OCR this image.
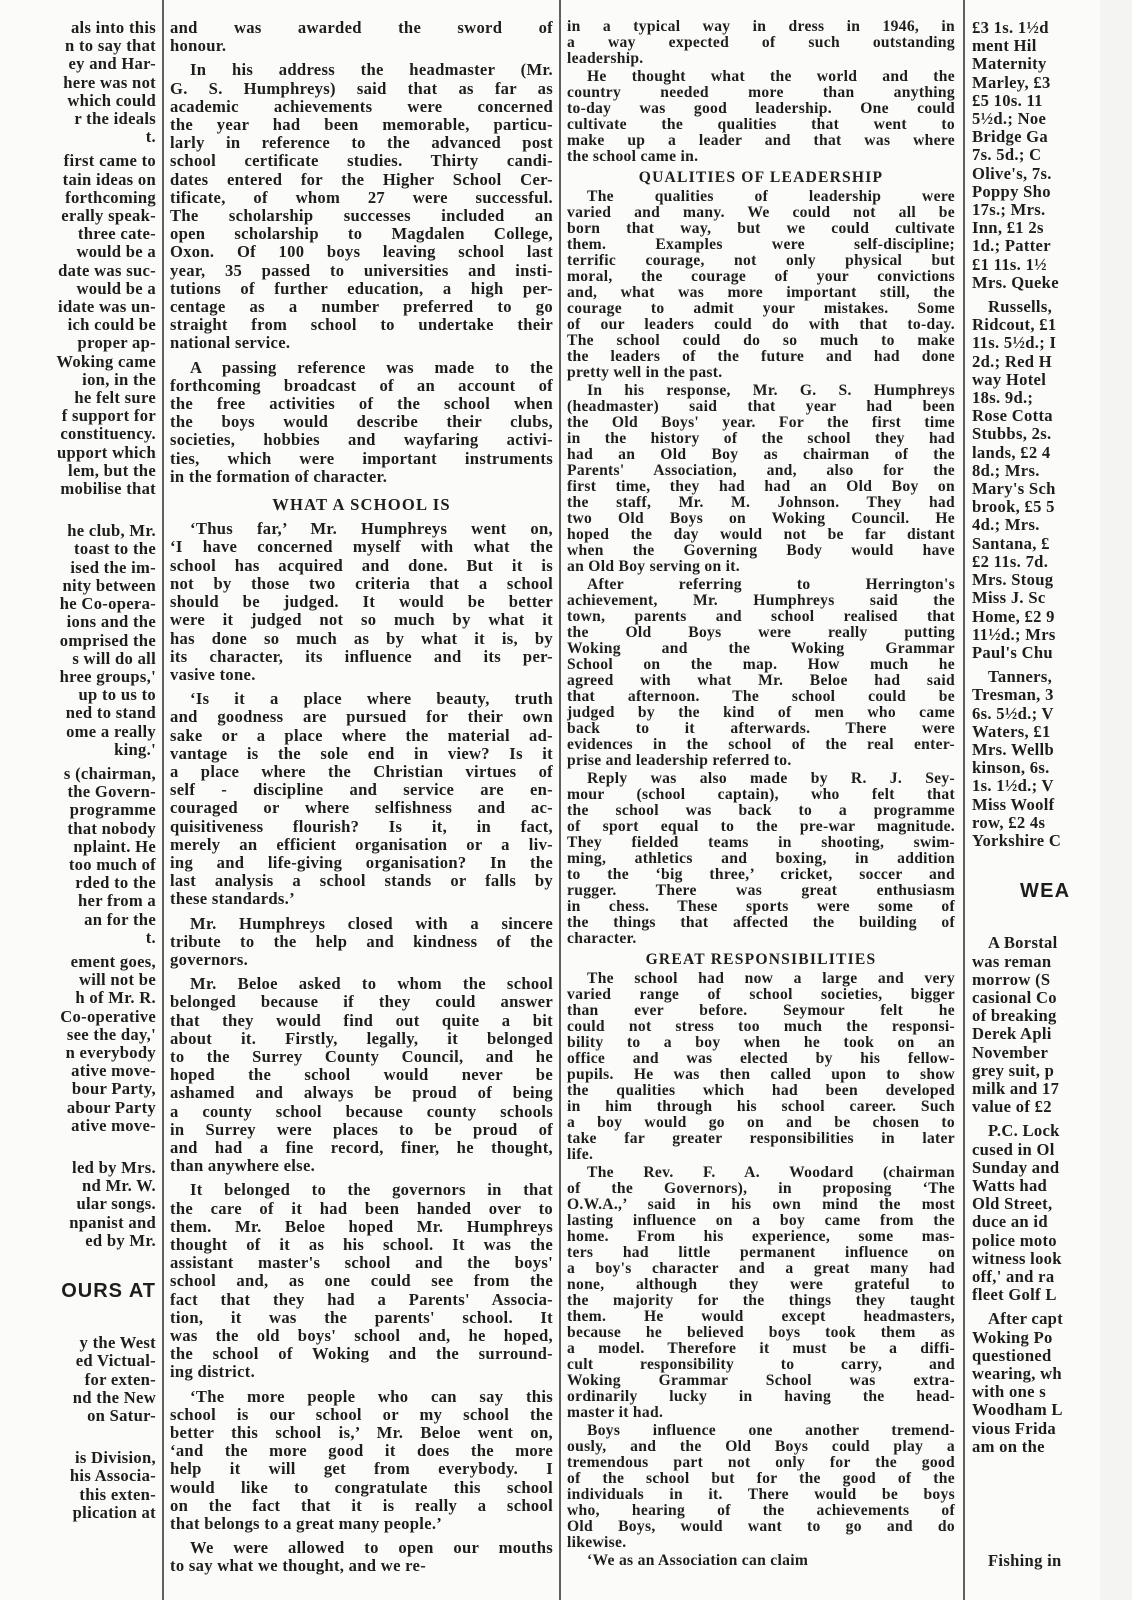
als into this
n to say that
ey and Har-
here was not
which could
r the ideals
t.
first came to
tain ideas on
forthcoming
erally speak-
three cate-
would be a
date was suc-
would be a
idate was un-
ich could be
proper ap-
Woking came
ion, in the
he felt sure
f support for
constituency.
upport which
lem, but the
mobilise that
he club, Mr.
toast to the
ised the im-
nity between
he Co-opera-
ions and the
omprised the
s will do all
hree groups,'
up to us to
ned to stand
ome a really
king.'
s (chairman,
the Govern-
programme
that nobody
nplaint. He
too much of
rded to the
her from a
an for the
t.
ement goes,
will not be
h of Mr. R.
Co-operative
see the day,'
n everybody
ative move-
bour Party,
abour Party
ative move-
led by Mrs.
nd Mr. W.
ular songs.
npanist and
ed by Mr.
OURS AT
y the West
ed Victual-
for exten-
nd the New
on Satur-
is Division,
his Associa-
this exten-
plication at
and was awarded the sword of
honour.
In his address the headmaster (Mr.
G. S. Humphreys) said that as far as
academic achievements were concerned
the year had been memorable, particu-
larly in reference to the advanced post
school certificate studies. Thirty candi-
dates entered for the Higher School Cer-
tificate, of whom 27 were successful.
The scholarship successes included an
open scholarship to Magdalen College,
Oxon. Of 100 boys leaving school last
year, 35 passed to universities and insti-
tutions of further education, a high per-
centage as a number preferred to go
straight from school to undertake their
national service.
A passing reference was made to the
forthcoming broadcast of an account of
the free activities of the school when
the boys would describe their clubs,
societies, hobbies and wayfaring activi-
ties, which were important instruments
in the formation of character.
WHAT A SCHOOL IS
‘Thus far,’ Mr. Humphreys went on,
‘I have concerned myself with what the
school has acquired and done. But it is
not by those two criteria that a school
should be judged. It would be better
were it judged not so much by what it
has done so much as by what it is, by
its character, its influence and its per-
vasive tone.
‘Is it a place where beauty, truth
and goodness are pursued for their own
sake or a place where the material ad-
vantage is the sole end in view? Is it
a place where the Christian virtues of
self - discipline and service are en-
couraged or where selfishness and ac-
quisitiveness flourish? Is it, in fact,
merely an efficient organisation or a liv-
ing and life-giving organisation? In the
last analysis a school stands or falls by
these standards.’
Mr. Humphreys closed with a sincere
tribute to the help and kindness of the
governors.
Mr. Beloe asked to whom the school
belonged because if they could answer
that they would find out quite a bit
about it. Firstly, legally, it belonged
to the Surrey County Council, and he
hoped the school would never be
ashamed and always be proud of being
a county school because county schools
in Surrey were places to be proud of
and had a fine record, finer, he thought,
than anywhere else.
It belonged to the governors in that
the care of it had been handed over to
them. Mr. Beloe hoped Mr. Humphreys
thought of it as his school. It was the
assistant master's school and the boys'
school and, as one could see from the
fact that they had a Parents' Associa-
tion, it was the parents' school. It
was the old boys' school and, he hoped,
the school of Woking and the surround-
ing district.
‘The more people who can say this
school is our school or my school the
better this school is,’ Mr. Beloe went on,
‘and the more good it does the more
help it will get from everybody. I
would like to congratulate this school
on the fact that it is really a school
that belongs to a great many people.’
We were allowed to open our mouths
to say what we thought, and we re-
in a typical way in dress in 1946, in
a way expected of such outstanding
leadership.
He thought what the world and the
country needed more than anything
to-day was good leadership. One could
cultivate the qualities that went to
make up a leader and that was where
the school came in.
QUALITIES OF LEADERSHIP
The qualities of leadership were
varied and many. We could not all be
born that way, but we could cultivate
them. Examples were self-discipline;
terrific courage, not only physical but
moral, the courage of your convictions
and, what was more important still, the
courage to admit your mistakes. Some
of our leaders could do with that to-day.
The school could do so much to make
the leaders of the future and had done
pretty well in the past.
In his response, Mr. G. S. Humphreys
(headmaster) said that year had been
the Old Boys' year. For the first time
in the history of the school they had
had an Old Boy as chairman of the
Parents' Association, and, also for the
first time, they had had an Old Boy on
the staff, Mr. M. Johnson. They had
two Old Boys on Woking Council. He
hoped the day would not be far distant
when the Governing Body would have
an Old Boy serving on it.
After referring to Herrington's
achievement, Mr. Humphreys said the
town, parents and school realised that
the Old Boys were really putting
Woking and the Woking Grammar
School on the map. How much he
agreed with what Mr. Beloe had said
that afternoon. The school could be
judged by the kind of men who came
back to it afterwards. There were
evidences in the school of the real enter-
prise and leadership referred to.
Reply was also made by R. J. Sey-
mour (school captain), who felt that
the school was back to a programme
of sport equal to the pre-war magnitude.
They fielded teams in shooting, swim-
ming, athletics and boxing, in addition
to the ‘big three,’ cricket, soccer and
rugger. There was great enthusiasm
in chess. These sports were some of
the things that affected the building of
character.
GREAT RESPONSIBILITIES
The school had now a large and very
varied range of school societies, bigger
than ever before. Seymour felt he
could not stress too much the responsi-
bility to a boy when he took on an
office and was elected by his fellow-
pupils. He was then called upon to show
the qualities which had been developed
in him through his school career. Such
a boy would go on and be chosen to
take far greater responsibilities in later
life.
The Rev. F. A. Woodard (chairman
of the Governors), in proposing ‘The
O.W.A.,’ said in his own mind the most
lasting influence on a boy came from the
home. From his experience, some mas-
ters had little permanent influence on
a boy's character and a great many had
none, although they were grateful to
the majority for the things they taught
them. He would except headmasters,
because he believed boys took them as
a model. Therefore it must be a diffi-
cult responsibility to carry, and
Woking Grammar School was extra-
ordinarily lucky in having the head-
master it had.
Boys influence one another tremend-
ously, and the Old Boys could play a
tremendous part not only for the good
of the school but for the good of the
individuals in it. There would be boys
who, hearing of the achievements of
Old Boys, would want to go and do
likewise.
‘We as an Association can claim
£3 1s. 1½d
ment Hil
Maternity
Marley, £3
£5 10s. 11
5½d.; Noe
Bridge Ga
7s. 5d.; C
Olive's, 7s.
Poppy Sho
17s.; Mrs.
Inn, £1 2s
1d.; Patter
£1 11s. 1½
Mrs. Queke
Russells,
Ridcout, £1
11s. 5½d.; I
2d.; Red H
way Hotel
18s. 9d.;
Rose Cotta
Stubbs, 2s.
lands, £2 4
8d.; Mrs.
Mary's Sch
brook, £5 5
4d.; Mrs.
Santana, £
£2 11s. 7d.
Mrs. Stoug
Miss J. Sc
Home, £2 9
11½d.; Mrs
Paul's Chu
Tanners,
Tresman, 3
6s. 5½d.; V
Waters, £1
Mrs. Wellb
kinson, 6s.
1s. 1½d.; V
Miss Woolf
row, £2 4s
Yorkshire C
WEA
A Borstal
was reman
morrow (S
casional Co
of breaking
Derek Apli
November
grey suit, p
milk and 17
value of £2
P.C. Lock
cused in Ol
Sunday and
Watts had
Old Street,
duce an id
police moto
witness look
off,' and ra
fleet Golf L
After capt
Woking Po
questioned
wearing, wh
with one s
Woodham L
vious Frida
am on the
Fishing in
